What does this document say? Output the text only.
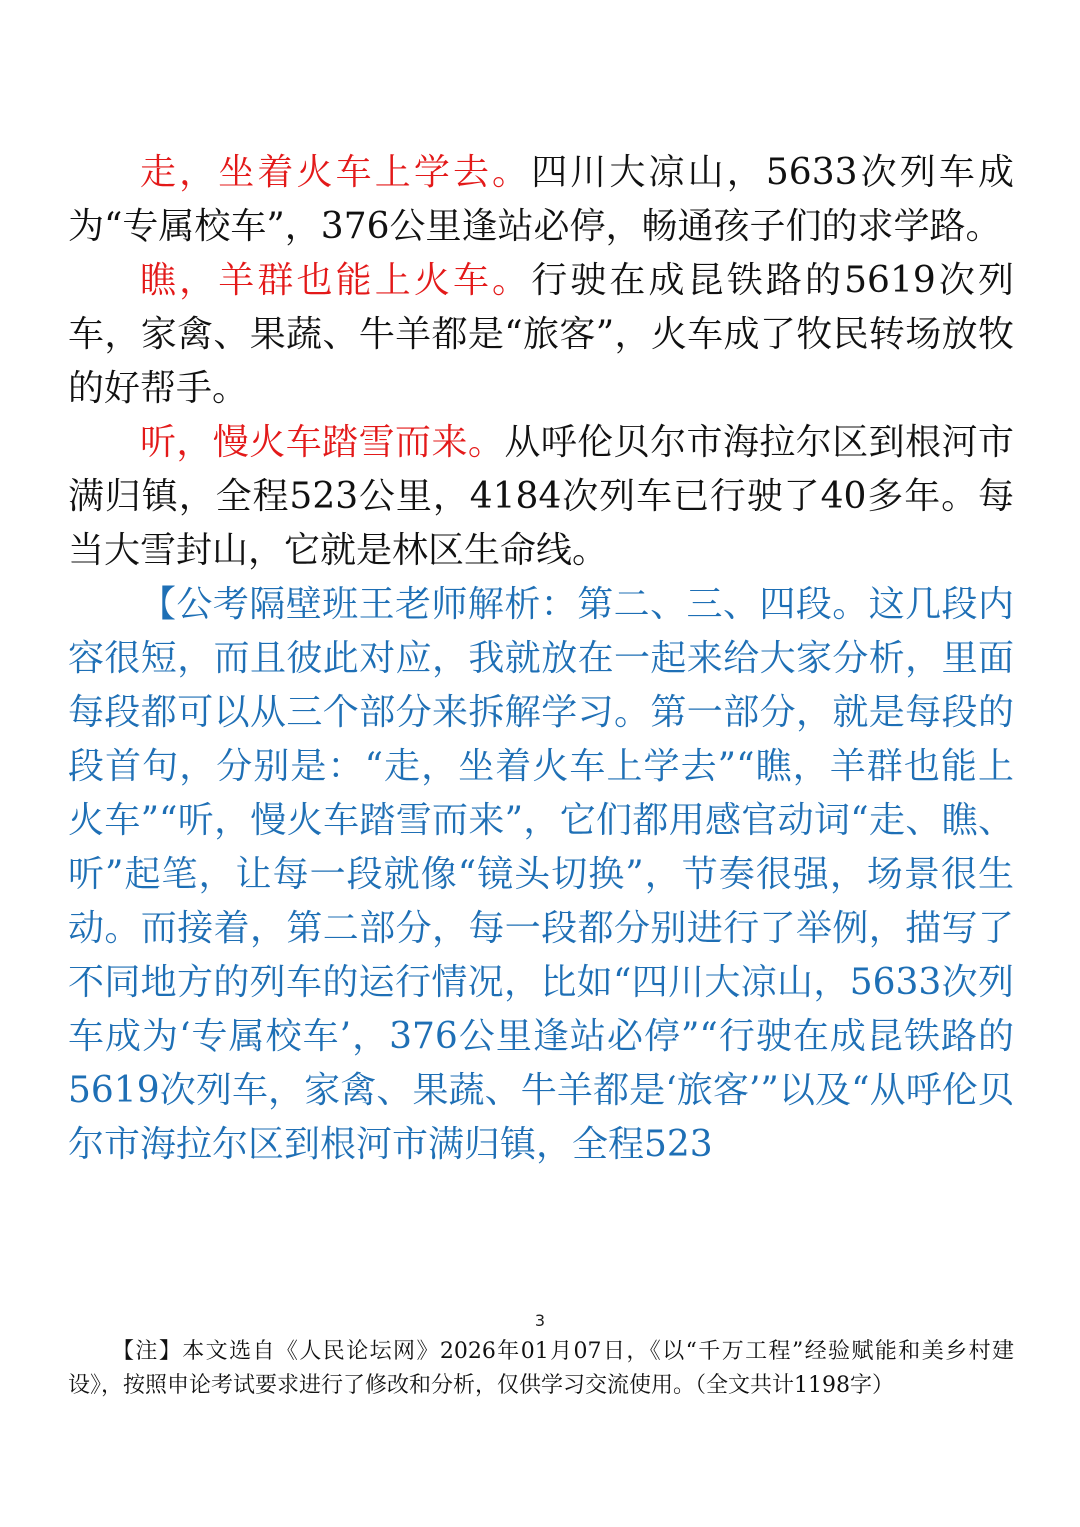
走，坐着火车上学去。四川大凉山，5633次列车成为“专属校车”，376公里逢站必停，畅通孩子们的求学路。

瞧，羊群也能上火车。行驶在成昆铁路的5619次列车，家禽、果蔬、牛羊都是“旅客”，火车成了牧民转场放牧的好帮手。

听，慢火车踏雪而来。从呼伦贝尔市海拉尔区到根河市满归镇，全程523公里，4184次列车已行驶了40多年。每当大雪封山，它就是林区生命线。

【公考隔壁班王老师解析：第二、三、四段。这几段内容很短，而且彼此对应，我就放在一起来给大家分析，里面每段都可以从三个部分来拆解学习。第一部分，就是每段的段首句，分别是：“走，坐着火车上学去”“瞧，羊群也能上火车”“听，慢火车踏雪而来”，它们都用感官动词“走、瞧、听”起笔，让每一段就像“镜头切换”，节奏很强，场景很生动。而接着，第二部分，每一段都分别进行了举例，描写了不同地方的列车的运行情况，比如“四川大凉山，5633次列车成为‘专属校车’，376公里逢站必停”“行驶在成昆铁路的5619次列车，家禽、果蔬、牛羊都是‘旅客’”以及“从呼伦贝尔市海拉尔区到根河市满归镇，全程523

3

【注】本文选自《人民论坛网》2026年01月07日，《以“千万工程”经验赋能和美乡村建设》，按照申论考试要求进行了修改和分析，仅供学习交流使用。（全文共计1198字）
